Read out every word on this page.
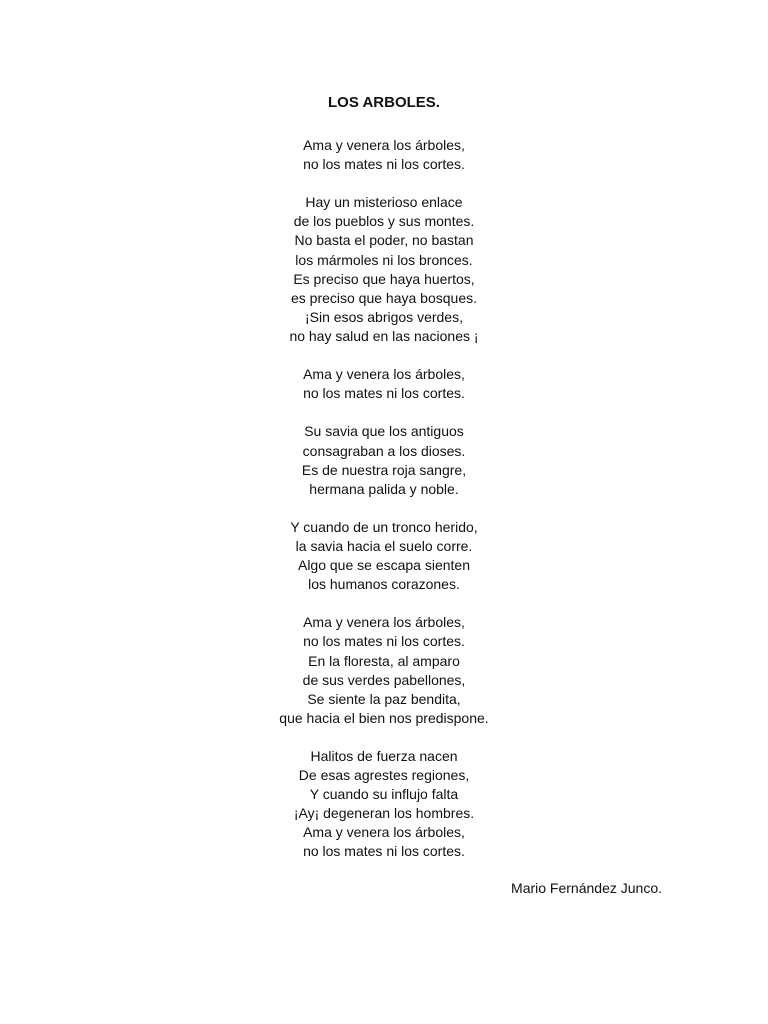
LOS ARBOLES.
Ama y venera los árboles,
no los mates ni los cortes.
Hay un misterioso enlace
de los pueblos y sus montes.
No basta el poder, no bastan
los mármoles ni los bronces.
Es preciso que haya huertos,
es preciso que haya bosques.
¡Sin esos abrigos verdes,
no hay salud en las naciones ¡
Ama y venera los árboles,
no los mates ni los cortes.
Su savia que los antiguos
consagraban a los dioses.
Es de nuestra roja sangre,
hermana palida y noble.
Y cuando de un tronco herido,
la savia hacia el suelo corre.
Algo que se escapa sienten
los humanos corazones.
Ama y venera los árboles,
no los mates ni los cortes.
En la floresta, al amparo
de sus verdes pabellones,
Se siente la paz bendita,
que hacia el bien nos predispone.
Halitos de fuerza nacen
De esas agrestes regiones,
Y cuando su influjo falta
¡Ay¡ degeneran los hombres.
Ama y venera los árboles,
no los mates ni los cortes.
Mario Fernández Junco.
